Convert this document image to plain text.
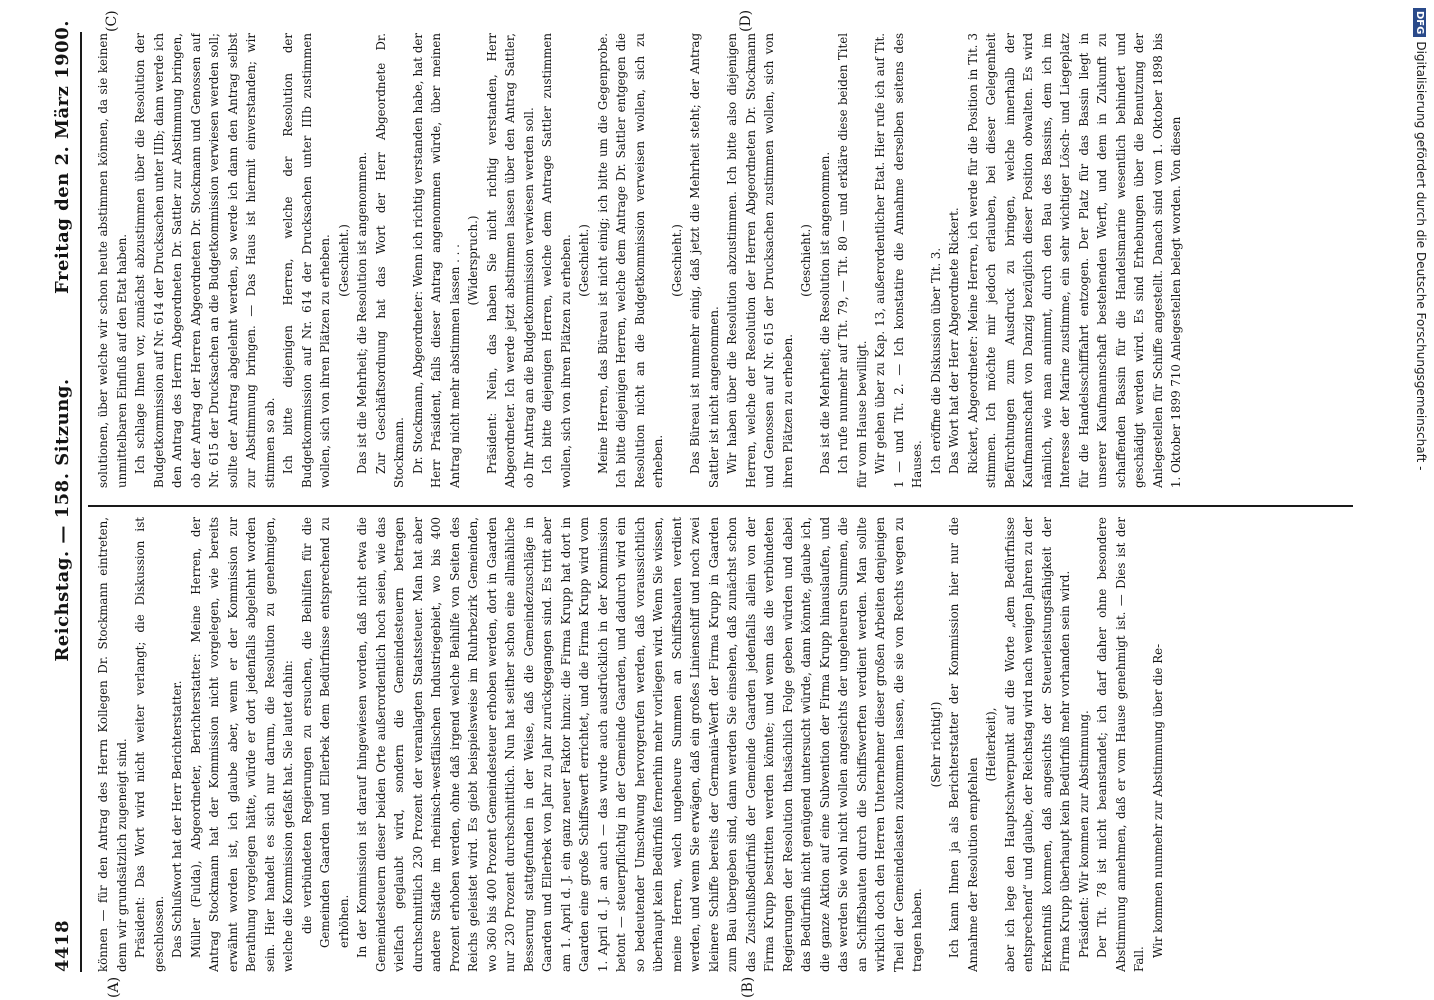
4418
Reichstag. — 158. Sitzung.
Freitag den 2. März 1900.
(A)	(B)
(C)	(D)

können — für den Antrag des Herrn Kollegen Dr. Stockmann eintreten, denn wir grundsätzlich zugeneigt sind. Präsident: Das Wort wird nicht weiter verlangt; die Diskussion ist geschlossen. Das Schlußwort hat der Herr Berichterstatter. Müller (Fulda), Abgeordneter, Berichterstatter: Meine Herren, der Antrag Stockmann hat der Kommission nicht vorgelegen, wie bereits erwähnt worden ist, ich glaube aber, wenn er der Kommission zur Berathung vorgelegen hätte, würde er dort jedenfalls abgelehnt worden sein. Hier handelt es sich nur darum, die Resolution zu genehmigen, welche die Kommission gefaßt hat. Sie lautet dahin: die verbündeten Regierungen zu ersuchen, die Beihilfen für die Gemeinden Gaarden und Ellerbek dem Bedürfnisse entsprechend zu erhöhen. In der Kommission ist darauf hingewiesen worden, daß nicht etwa die Gemeindesteuern dieser beiden Orte außerordentlich hoch seien, wie das vielfach geglaubt wird, sondern die Gemeindesteuern betragen durchschnittlich 230 Prozent der veranlagten Staatssteuer. Man hat aber andere Städte im rheinisch-westfälischen Industriegebiet, wo bis 400 Prozent erhoben werden, ohne daß irgend welche Beihilfe von Seiten des Reichs geleistet wird. Es giebt beispielsweise im Ruhrbezirk Gemeinden, wo 360 bis 400 Prozent Gemeindesteuer erhoben werden, dort in Gaarden nur 230 Prozent durchschnittlich. Nun hat seither schon eine allmähliche Besserung stattgefunden in der Weise, daß die Gemeindezuschläge in Gaarden und Ellerbek von Jahr zu Jahr zurückgegangen sind. Es tritt aber am 1. April d. J. ein ganz neuer Faktor hinzu: die Firma Krupp hat dort in Gaarden eine große Schiffswerft errichtet, und die Firma Krupp wird vom 1. April d. J. an auch — das wurde auch ausdrücklich in der Kommission betont — steuerpflichtig in der Gemeinde Gaarden, und dadurch wird ein so bedeutender Umschwung hervorgerufen werden, daß voraussichtlich überhaupt kein Bedürfniß fernerhin mehr vorliegen wird. Wenn Sie wissen, meine Herren, welch ungeheure Summen an Schiffsbauten verdient werden, und wenn Sie erwägen, daß ein großes Linienschiff und noch zwei kleinere Schiffe bereits der Germania-Werft der Firma Krupp in Gaarden zum Bau übergeben sind, dann werden Sie einsehen, daß zunächst schon das Zuschußbedürfniß der Gemeinde Gaarden jedenfalls allein von der Firma Krupp bestritten werden könnte; und wenn das die verbündeten Regierungen der Resolution thatsächlich Folge geben würden und dabei das Bedürfniß nicht genügend untersucht würde, dann könnte, glaube ich, die ganze Aktion auf eine Subvention der Firma Krupp hinauslaufen, und das werden Sie wohl nicht wollen angesichts der ungeheuren Summen, die an Schiffsbauten durch die Schiffswerften verdient werden. Man sollte wirklich doch den Herren Unternehmer dieser großen Arbeiten denjenigen Theil der Gemeindelasten zukommen lassen, die sie von Rechts wegen zu tragen haben.

(Sehr richtig!) Ich kann Ihnen ja als Berichterstatter der Kommission hier nur die Annahme der Resolution empfehlen

(Heiterkeit), aber ich lege den Hauptschwerpunkt auf die Worte „dem Bedürfnisse entsprechend“ und glaube, der Reichstag wird nach wenigen Jahren zu der Erkenntniß kommen, daß angesichts der Steuerleistungsfähigkeit der Firma Krupp überhaupt kein Bedürfniß mehr vorhanden sein wird. Präsident: Wir kommen zur Abstimmung. Der Tit. 78 ist nicht beanstandet; ich darf daher ohne besondere Abstimmung annehmen, daß er vom Hause genehmigt ist. — Dies ist der Fall.

Wir kommen nunmehr zur Abstimmung über die Re-

solutionen, über welche wir schon heute abstimmen können, da sie keinen unmittelbaren Einfluß auf den Etat haben. Ich schlage Ihnen vor, zunächst abzustimmen über die Resolution der Budgetkommission auf Nr. 614 der Drucksachen unter IIIb; dann werde ich den Antrag des Herrn Abgeordneten Dr. Sattler zur Abstimmung bringen, ob der Antrag der Herren Abgeordneten Dr. Stockmann und Genossen auf Nr. 615 der Drucksachen an die Budgetkommission verwiesen werden soll; sollte der Antrag abgelehnt werden, so werde ich dann den Antrag selbst zur Abstimmung bringen. — Das Haus ist hiermit einverstanden; wir stimmen so ab. Ich bitte diejenigen Herren, welche der Resolution der Budgetkommission auf Nr. 614 der Drucksachen unter IIIb zustimmen wollen, sich von ihren Plätzen zu erheben. (Geschieht.) Das ist die Mehrheit; die Resolution ist angenommen. Zur Geschäftsordnung hat das Wort der Herr Abgeordnete Dr. Stockmann. Dr. Stockmann, Abgeordneter: Wenn ich richtig verstanden habe, hat der Herr Präsident, falls dieser Antrag angenommen würde, über meinen Antrag nicht mehr abstimmen lassen . . . (Widerspruch.) Präsident: Nein, das haben Sie nicht richtig verstanden, Herr Abgeordneter. Ich werde jetzt abstimmen lassen über den Antrag Sattler, ob Ihr Antrag an die Budgetkommission verwiesen werden soll. Ich bitte diejenigen Herren, welche dem Antrage Sattler zustimmen wollen, sich von ihren Plätzen zu erheben. (Geschieht.) Meine Herren, das Büreau ist nicht einig; ich bitte um die Gegenprobe. Ich bitte diejenigen Herren, welche dem Antrage Dr. Sattler entgegen die Resolution nicht an die Budgetkommission verweisen wollen, sich zu erheben.

(Geschieht.) Das Büreau ist nunmehr einig, daß jetzt die Mehrheit steht; der Antrag Sattler ist nicht angenommen. Wir haben über die Resolution abzustimmen. Ich bitte also diejenigen Herren, welche der Resolution der Herren Abgeordneten Dr. Stockmann und Genossen auf Nr. 615 der Drucksachen zustimmen wollen, sich von ihren Plätzen zu erheben.

(Geschieht.) Das ist die Mehrheit; die Resolution ist angenommen. Ich rufe nunmehr auf Tit. 79, — Tit. 80 — und erkläre diese beiden Titel für vom Hause bewilligt. Wir gehen über zu Kap. 13, außerordentlicher Etat. Hier rufe ich auf Tit. 1 — und Tit. 2. — Ich konstatire die Annahme derselben seitens des Hauses. Ich eröffne die Diskussion über Tit. 3. Das Wort hat der Herr Abgeordnete Rickert. Rickert, Abgeordneter: Meine Herren, ich werde für die Position in Tit. 3 stimmen. Ich möchte mir jedoch erlauben, bei dieser Gelegenheit Befürchtungen zum Ausdruck zu bringen, welche innerhalb der Kaufmannschaft von Danzig bezüglich dieser Position obwalten. Es wird nämlich, wie man annimmt, durch den Bau des Bassins, dem ich im Interesse der Marine zustimme, ein sehr wichtiger Lösch- und Liegeplatz für die Handelsschifffahrt entzogen. Der Platz für das Bassin liegt in unserer Kaufmannschaft bestehenden Werft, und dem in Zukunft zu schaffenden Bassin für die Handelsmarine wesentlich behindert und geschädigt werden wird. Es sind Erhebungen über die Benutzung der Anlegestellen für Schiffe angestellt. Danach sind vom 1. Oktober 1898 bis 1. Oktober 1899 710 Anlegestellen belegt worden. Von diesen

DFGDigitalisierung gefördert durch die Deutsche Forschungsgemeinschaft -
